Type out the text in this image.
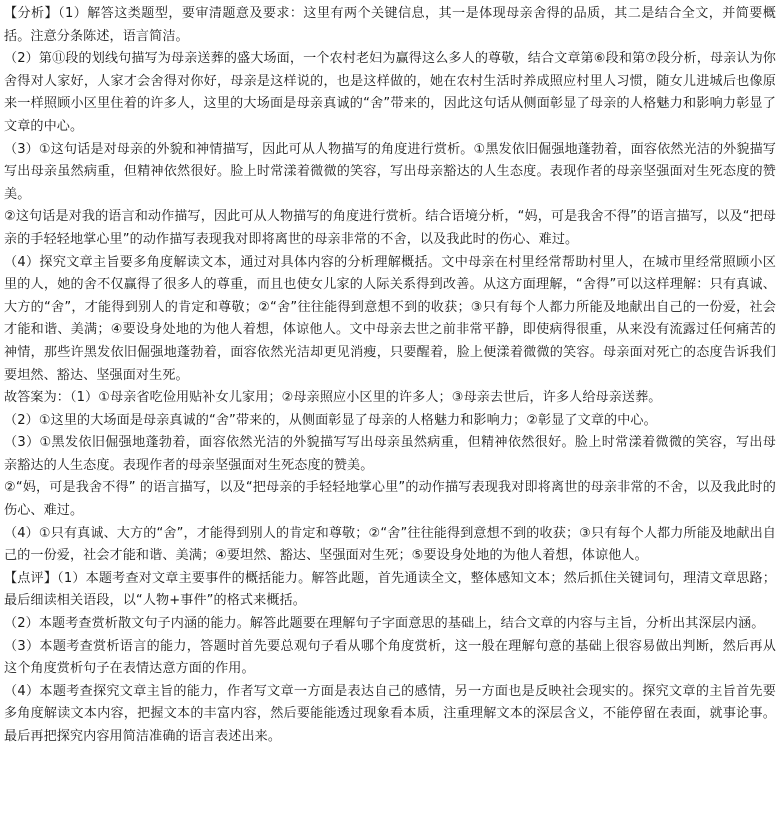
【分析】（1）解答这类题型，要审清题意及要求：这里有两个关键信息，其一是体现母亲舍得的品质，其二是结合全文，并简要概括。注意分条陈述，语言简洁。

（2）第⑪段的划线句描写为母亲送葬的盛大场面，一个农村老妇为赢得这么多人的尊敬，结合文章第⑥段和第⑦段分析，母亲认为你舍得对人家好，人家才会舍得对你好，母亲是这样说的，也是这样做的，她在农村生活时养成照应村里人习惯，随女儿进城后也像原来一样照顾小区里住着的许多人，这里的大场面是母亲真诚的“舍”带来的，因此这句话从侧面彰显了母亲的人格魅力和影响力彰显了文章的中心。

（3）①这句话是对母亲的外貌和神情描写，因此可从人物描写的角度进行赏析。①黑发依旧倔强地蓬勃着，面容依然光洁的外貌描写写出母亲虽然病重，但精神依然很好。脸上时常漾着微微的笑容，写出母亲豁达的人生态度。表现作者的母亲坚强面对生死态度的赞美。

②这句话是对我的语言和动作描写，因此可从人物描写的角度进行赏析。结合语境分析，“妈，可是我舍不得”的语言描写，以及“把母亲的手轻轻地掌心里”的动作描写表现我对即将离世的母亲非常的不舍，以及我此时的伤心、难过。

（4）探究文章主旨要多角度解读文本，通过对具体内容的分析理解概括。文中母亲在村里经常帮助村里人，在城市里经常照顾小区里的人，她的舍不仅赢得了很多人的尊重，而且也使女儿家的人际关系得到改善。从这方面理解，“舍得”可以这样理解：只有真诚、大方的“舍”，才能得到别人的肯定和尊敬；②“舍”往往能得到意想不到的收获；③只有每个人都力所能及地献出自己的一份爱，社会才能和谐、美满；④要设身处地的为他人着想，体谅他人。文中母亲去世之前非常平静，即使病得很重，从来没有流露过任何痛苦的神情，那些许黑发依旧倔强地蓬勃着，面容依然光洁却更见消瘦，只要醒着，脸上便漾着微微的笑容。母亲面对死亡的态度告诉我们要坦然、豁达、坚强面对生死。

故答案为：（1）①母亲省吃俭用贴补女儿家用；②母亲照应小区里的许多人；③母亲去世后，许多人给母亲送葬。

（2）①这里的大场面是母亲真诚的“舍”带来的，从侧面彰显了母亲的人格魅力和影响力；②彰显了文章的中心。

（3）①黑发依旧倔强地蓬勃着，面容依然光洁的外貌描写写出母亲虽然病重，但精神依然很好。脸上时常漾着微微的笑容，写出母亲豁达的人生态度。表现作者的母亲坚强面对生死态度的赞美。

②“妈，可是我舍不得” 的语言描写，以及“把母亲的手轻轻地掌心里”的动作描写表现我对即将离世的母亲非常的不舍，以及我此时的伤心、难过。

（4）①只有真诚、大方的“舍”，才能得到别人的肯定和尊敬；②“舍”往往能得到意想不到的收获；③只有每个人都力所能及地献出自己的一份爱，社会才能和谐、美满；④要坦然、豁达、坚强面对生死；⑤要设身处地的为他人着想，体谅他人。

【点评】（1）本题考查对文章主要事件的概括能力。解答此题，首先通读全文，整体感知文本；然后抓住关键词句，理清文章思路；最后细读相关语段，以“人物+事件”的格式来概括。

（2）本题考查赏析散文句子内涵的能力。解答此题要在理解句子字面意思的基础上，结合文章的内容与主旨，分析出其深层内涵。

（3）本题考查赏析语言的能力，答题时首先要总观句子看从哪个角度赏析，这一般在理解句意的基础上很容易做出判断，然后再从这个角度赏析句子在表情达意方面的作用。

（4）本题考查探究文章主旨的能力，作者写文章一方面是表达自己的感情，另一方面也是反映社会现实的。探究文章的主旨首先要多角度解读文本内容，把握文本的丰富内容，然后要能能透过现象看本质，注重理解文本的深层含义，不能停留在表面，就事论事。最后再把探究内容用简洁准确的语言表述出来。
